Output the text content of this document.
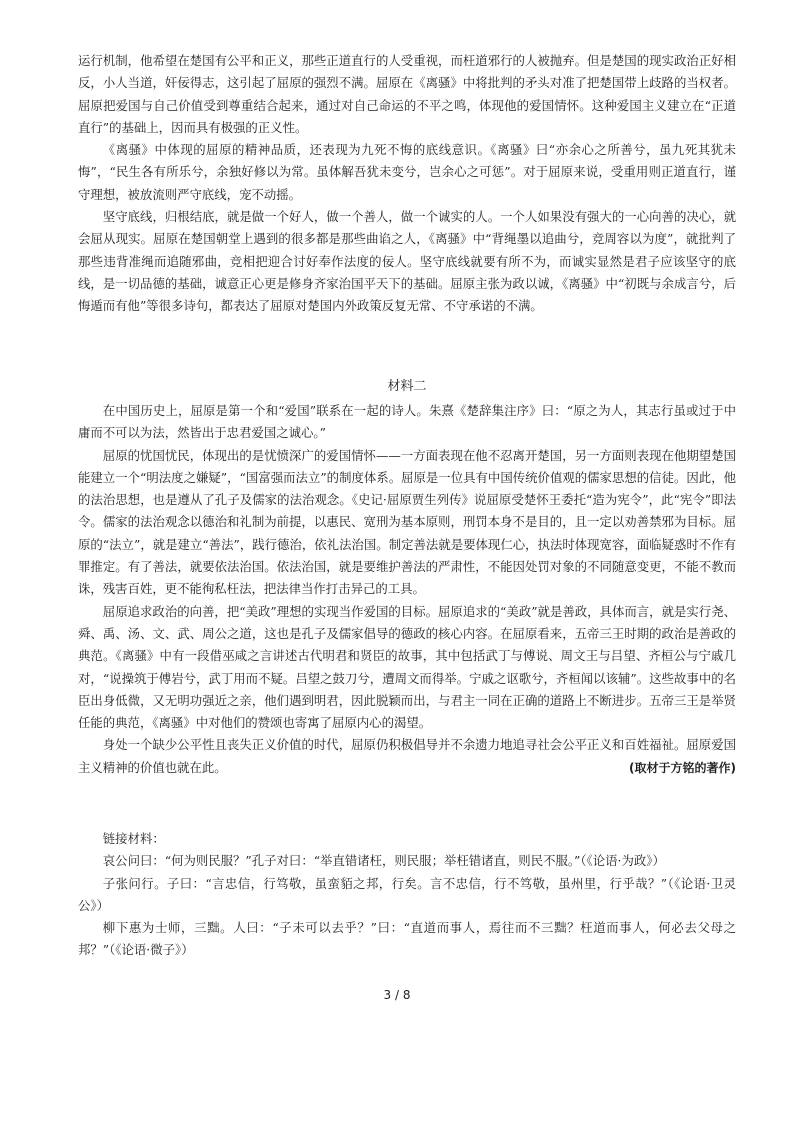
运行机制，他希望在楚国有公平和正义，那些正道直行的人受重视，而枉道邪行的人被抛弃。但是楚国的现实政治正好相反，小人当道，奸佞得志，这引起了屈原的强烈不满。屈原在《离骚》中将批判的矛头对准了把楚国带上歧路的当权者。屈原把爱国与自己价值受到尊重结合起来，通过对自己命运的不平之鸣，体现他的爱国情怀。这种爱国主义建立在“正道直行”的基础上，因而具有极强的正义性。

《离骚》中体现的屈原的精神品质，还表现为九死不悔的底线意识。《离骚》曰“亦余心之所善兮，虽九死其犹未悔”，“民生各有所乐兮，余独好修以为常。虽体解吾犹未变兮，岂余心之可惩”。对于屈原来说，受重用则正道直行，谨守理想，被放流则严守底线，宠不动摇。

坚守底线，归根结底，就是做一个好人，做一个善人，做一个诚实的人。一个人如果没有强大的一心向善的决心，就会屈从现实。屈原在楚国朝堂上遇到的很多都是那些曲谄之人，《离骚》中“背绳墨以追曲兮，竞周容以为度”，就批判了那些违背准绳而追随邪曲，竞相把迎合讨好奉作法度的佞人。坚守底线就要有所不为，而诚实显然是君子应该坚守的底线，是一切品德的基础，诚意正心更是修身齐家治国平天下的基础。屈原主张为政以诚，《离骚》中“初既与余成言兮，后悔遁而有他”等很多诗句，都表达了屈原对楚国内外政策反复无常、不守承诺的不满。

材料二

在中国历史上，屈原是第一个和“爱国”联系在一起的诗人。朱熹《楚辞集注序》曰：“原之为人，其志行虽或过于中庸而不可以为法，然皆出于忠君爱国之诚心。”

屈原的忧国忧民，体现出的是忧愤深广的爱国情怀——一方面表现在他不忍离开楚国，另一方面则表现在他期望楚国能建立一个“明法度之嫌疑”，“国富强而法立”的制度体系。屈原是一位具有中国传统价值观的儒家思想的信徒。因此，他的法治思想，也是遵从了孔子及儒家的法治观念。《史记·屈原贾生列传》说屈原受楚怀王委托“造为宪令”，此“宪令”即法令。儒家的法治观念以德治和礼制为前提，以惠民、宽刑为基本原则，刑罚本身不是目的，且一定以劝善禁邪为目标。屈原的“法立”，就是建立“善法”，践行德治，依礼法治国。制定善法就是要体现仁心，执法时体现宽容，面临疑惑时不作有罪推定。有了善法，就要依法治国。依法治国，就是要维护善法的严肃性，不能因处罚对象的不同随意变更，不能不教而诛，残害百姓，更不能徇私枉法，把法律当作打击异己的工具。

屈原追求政治的向善，把“美政”理想的实现当作爱国的目标。屈原追求的“美政”就是善政，具体而言，就是实行尧、舜、禹、汤、文、武、周公之道，这也是孔子及儒家倡导的德政的核心内容。在屈原看来，五帝三王时期的政治是善政的典范。《离骚》中有一段借巫咸之言讲述古代明君和贤臣的故事，其中包括武丁与傅说、周文王与吕望、齐桓公与宁戚几对，“说操筑于傅岩兮，武丁用而不疑。吕望之鼓刀兮，遭周文而得举。宁戚之讴歌兮，齐桓闻以该辅”。这些故事中的名臣出身低微，又无明功强近之亲，他们遇到明君，因此脱颖而出，与君主一同在正确的道路上不断进步。五帝三王是举贤任能的典范，《离骚》中对他们的赞颂也寄寓了屈原内心的渴望。

身处一个缺少公平性且丧失正义价值的时代，屈原仍积极倡导并不余遗力地追寻社会公平正义和百姓福祉。屈原爱国主义精神的价值也就在此。	(取材于方铭的著作)

链接材料：

哀公问曰：“何为则民服？”孔子对曰：“举直错诸枉，则民服；举枉错诸直，则民不服。”（《论语·为政》）

子张问行。子曰：“言忠信，行笃敬，虽蛮貊之邦，行矣。言不忠信，行不笃敬，虽州里，行乎哉？”（《论语·卫灵公》）

柳下惠为士师，三黜。人曰：“子未可以去乎？”曰：“直道而事人，焉往而不三黜？枉道而事人，何必去父母之邦？”（《论语·微子》）

3 / 8
